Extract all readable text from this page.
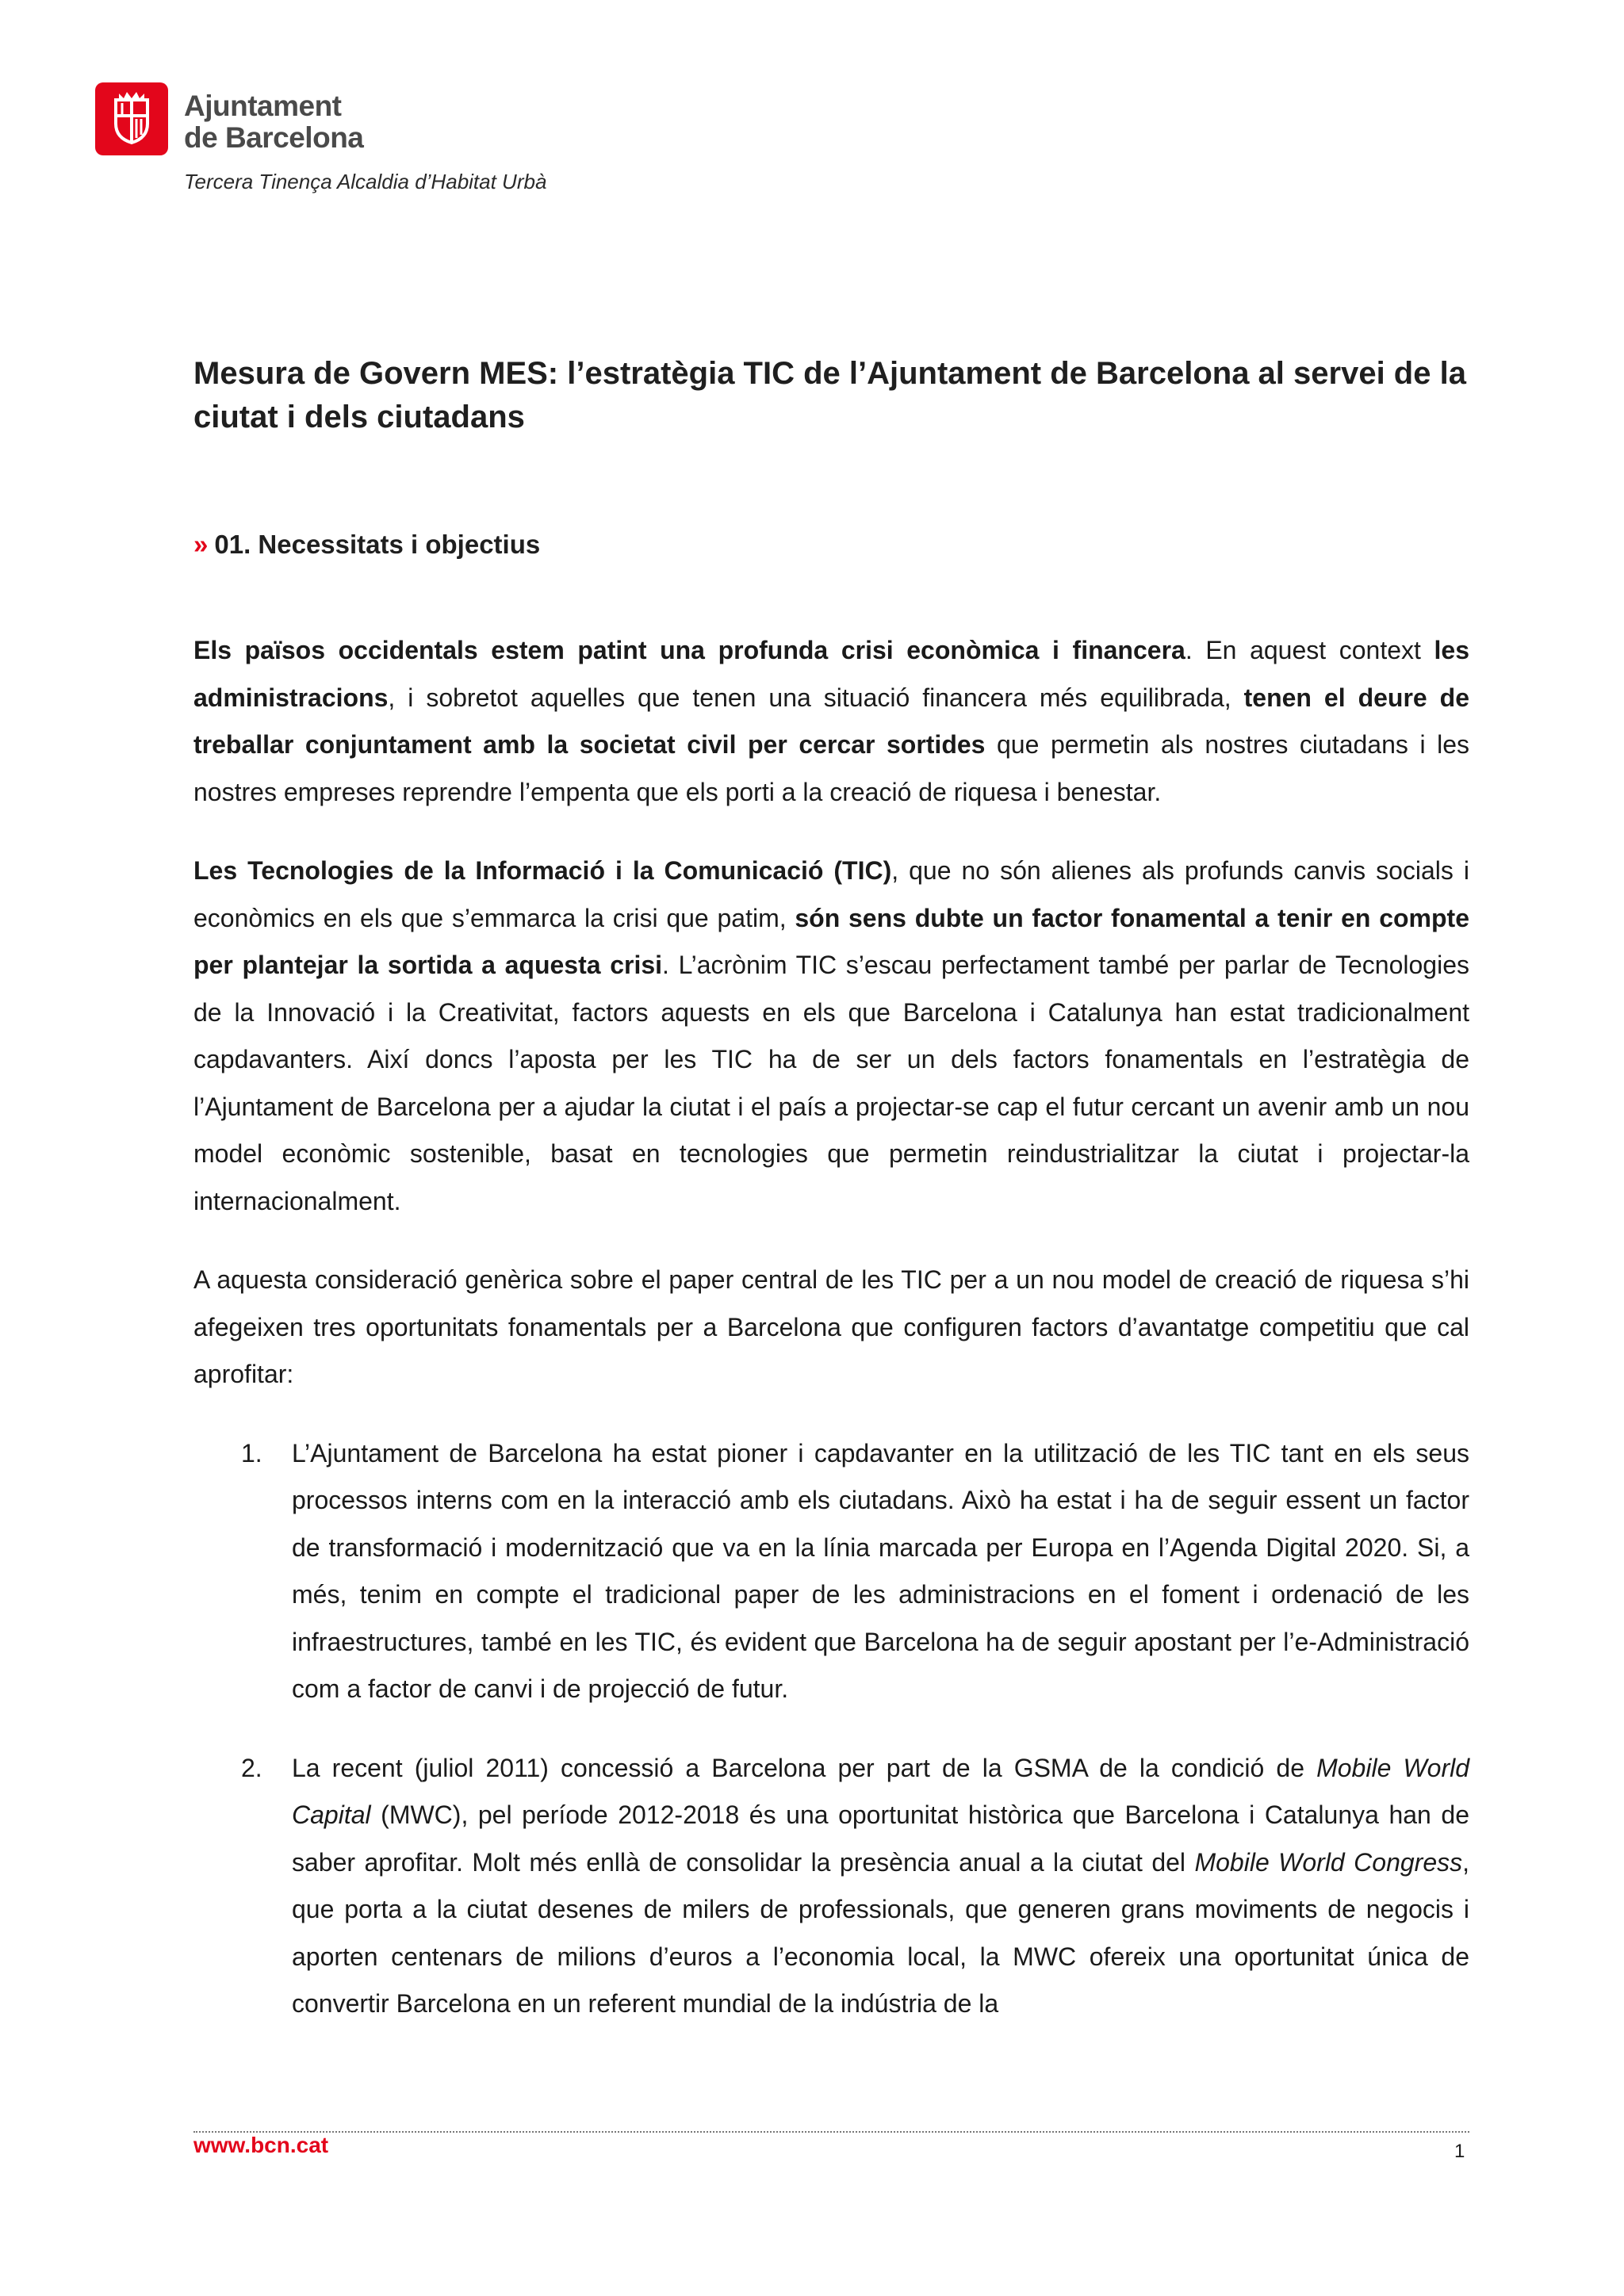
Ajuntament
de Barcelona
Tercera Tinença Alcaldia d’Habitat Urbà
Mesura de Govern MES: l’estratègia TIC de l’Ajuntament de Barcelona al servei de la ciutat i dels ciutadans
» 01. Necessitats i objectius

Els països occidentals estem patint una profunda crisi econòmica i financera. En aquest context les administracions, i sobretot aquelles que tenen una situació financera més equilibrada, tenen el deure de treballar conjuntament amb la societat civil per cercar sortides que permetin als nostres ciutadans i les nostres empreses reprendre l’empenta que els porti a la creació de riquesa i benestar.

Les Tecnologies de la Informació i la Comunicació (TIC), que no són alienes als profunds canvis socials i econòmics en els que s’emmarca la crisi que patim, són sens dubte un factor fonamental a tenir en compte per plantejar la sortida a aquesta crisi. L’acrònim TIC s’escau perfectament també per parlar de Tecnologies de la Innovació i la Creativitat, factors aquests en els que Barcelona i Catalunya han estat tradicionalment capdavanters. Així doncs l’aposta per les TIC ha de ser un dels factors fonamentals en l’estratègia de l’Ajuntament de Barcelona per a ajudar la ciutat i el país a projectar-se cap el futur cercant un avenir amb un nou model econòmic sostenible, basat en tecnologies que permetin reindustrialitzar la ciutat i projectar-la internacionalment.

A aquesta consideració genèrica sobre el paper central de les TIC per a un nou model de creació de riquesa s’hi afegeixen tres oportunitats fonamentals per a Barcelona que configuren factors d’avantatge competitiu que cal aprofitar:

1. L’Ajuntament de Barcelona ha estat pioner i capdavanter en la utilització de les TIC tant en els seus processos interns com en la interacció amb els ciutadans. Això ha estat i ha de seguir essent un factor de transformació i modernització que va en la línia marcada per Europa en l’Agenda Digital 2020. Si, a més, tenim en compte el tradicional paper de les administracions en el foment i ordenació de les infraestructures, també en les TIC, és evident que Barcelona ha de seguir apostant per l’e-Administració com a factor de canvi i de projecció de futur.
2. La recent (juliol 2011) concessió a Barcelona per part de la GSMA de la condició de Mobile World Capital (MWC), pel període 2012-2018 és una oportunitat històrica que Barcelona i Catalunya han de saber aprofitar. Molt més enllà de consolidar la presència anual a la ciutat del Mobile World Congress, que porta a la ciutat desenes de milers de professionals, que generen grans moviments de negocis i aporten centenars de milions d’euros a l’economia local, la MWC ofereix una oportunitat única de convertir Barcelona en un referent mundial de la indústria de la
www.bcn.cat	1
